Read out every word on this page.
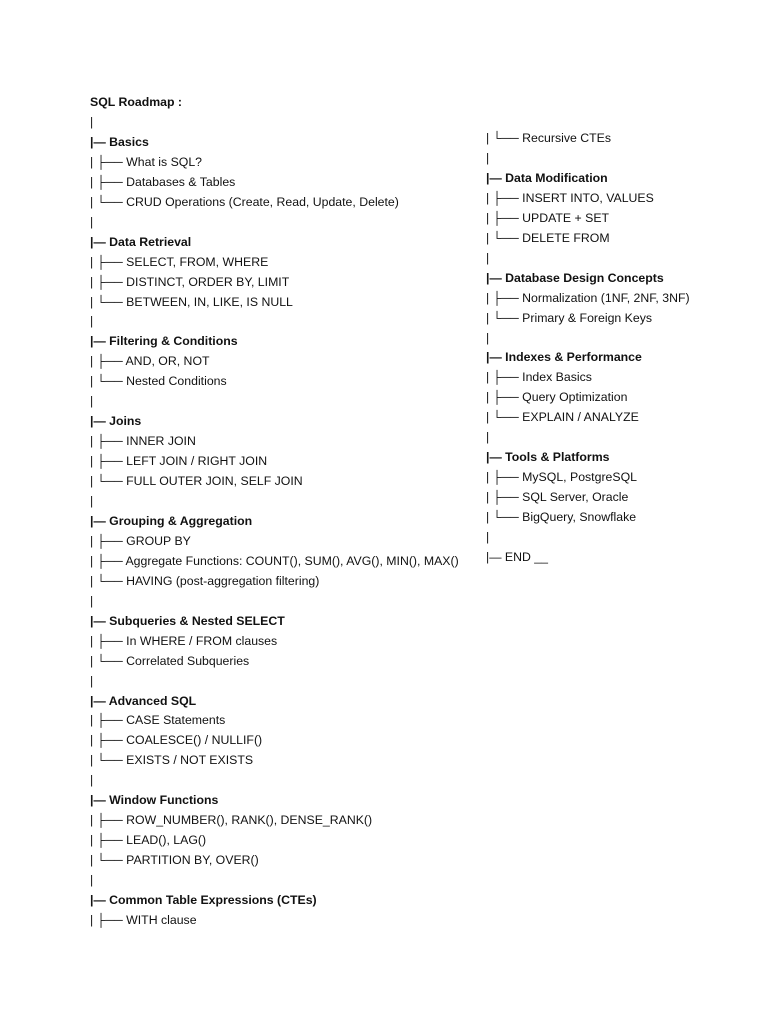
SQL Roadmap :
|
|— Basics
| ├── What is SQL?
| ├── Databases & Tables
| └── CRUD Operations (Create, Read, Update, Delete)
|
|— Data Retrieval
| ├── SELECT, FROM, WHERE
| ├── DISTINCT, ORDER BY, LIMIT
| └── BETWEEN, IN, LIKE, IS NULL
|
|— Filtering & Conditions
| ├── AND, OR, NOT
| └── Nested Conditions
|
|— Joins
| ├── INNER JOIN
| ├── LEFT JOIN / RIGHT JOIN
| └── FULL OUTER JOIN, SELF JOIN
|
|— Grouping & Aggregation
| ├── GROUP BY
| ├── Aggregate Functions: COUNT(), SUM(), AVG(), MIN(), MAX()
| └── HAVING (post-aggregation filtering)
|
|— Subqueries & Nested SELECT
| ├── In WHERE / FROM clauses
| └── Correlated Subqueries
|
|— Advanced SQL
| ├── CASE Statements
| ├── COALESCE() / NULLIF()
| └── EXISTS / NOT EXISTS
|
|— Window Functions
| ├── ROW_NUMBER(), RANK(), DENSE_RANK()
| ├── LEAD(), LAG()
| └── PARTITION BY, OVER()
|
|— Common Table Expressions (CTEs)
| ├── WITH clause
| └── Recursive CTEs
|
|— Data Modification
| ├── INSERT INTO, VALUES
| ├── UPDATE + SET
| └── DELETE FROM
|
|— Database Design Concepts
| ├── Normalization (1NF, 2NF, 3NF)
| └── Primary & Foreign Keys
|
|— Indexes & Performance
| ├── Index Basics
| ├── Query Optimization
| └── EXPLAIN / ANALYZE
|
|— Tools & Platforms
| ├── MySQL, PostgreSQL
| ├── SQL Server, Oracle
| └── BigQuery, Snowflake
|
|— END __
